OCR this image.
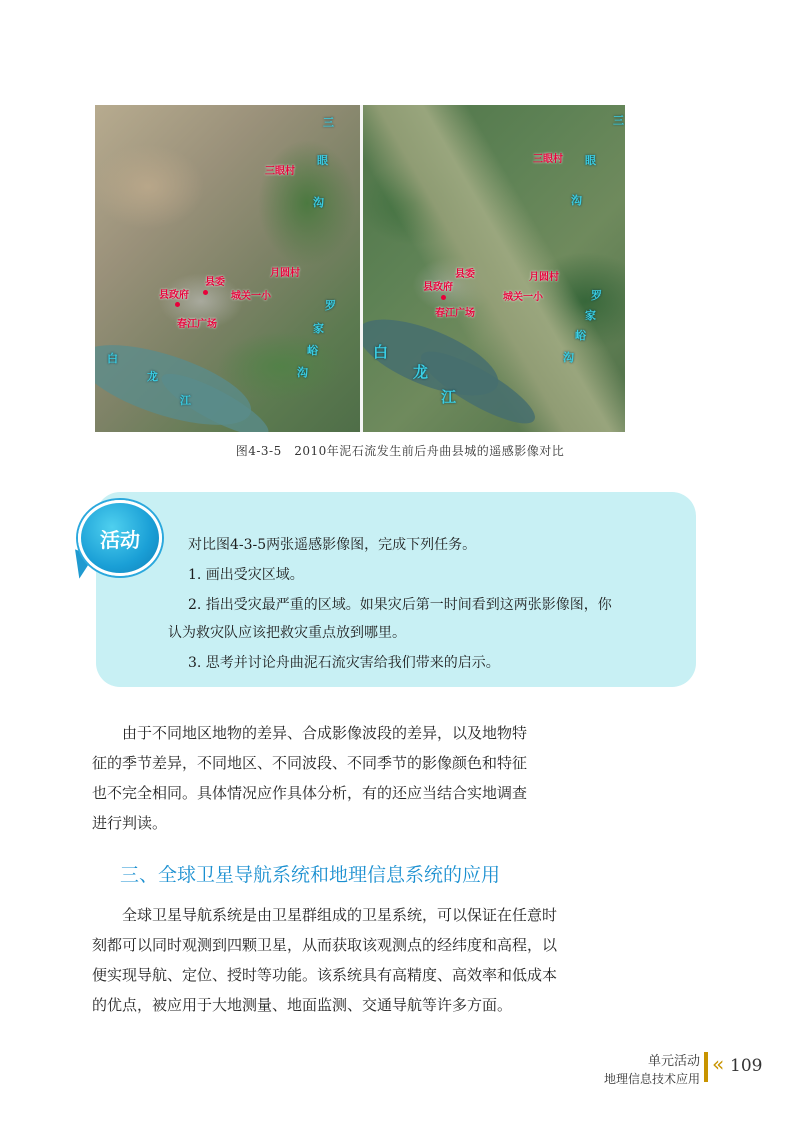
三眼村
月圆村
县委
县政府	城关一小
春江广场
白
龙
江
三
眼
沟
罗
家
峪
沟
三眼村
月圆村
县委
县政府
城关一小
春江广场
白
龙
江
三
眼
沟
罗
家
峪
沟
图4-3-5　2010年泥石流发生前后舟曲县城的遥感影像对比
活动	对比图4-3-5两张遥感影像图，完成下列任务。
1. 画出受灾区域。
2. 指出受灾最严重的区域。如果灾后第一时间看到这两张影像图，你
认为救灾队应该把救灾重点放到哪里。
3. 思考并讨论舟曲泥石流灾害给我们带来的启示。

由于不同地区地物的差异、合成影像波段的差异，以及地物特

征的季节差异，不同地区、不同波段、不同季节的影像颜色和特征

也不完全相同。具体情况应作具体分析，有的还应当结合实地调查

进行判读。

三、全球卫星导航系统和地理信息系统的应用

全球卫星导航系统是由卫星群组成的卫星系统，可以保证在任意时

刻都可以同时观测到四颗卫星，从而获取该观测点的经纬度和高程，以

便实现导航、定位、授时等功能。该系统具有高精度、高效率和低成本

的优点，被应用于大地测量、地面监测、交通导航等许多方面。

单元活动
地理信息技术应用
« 109
